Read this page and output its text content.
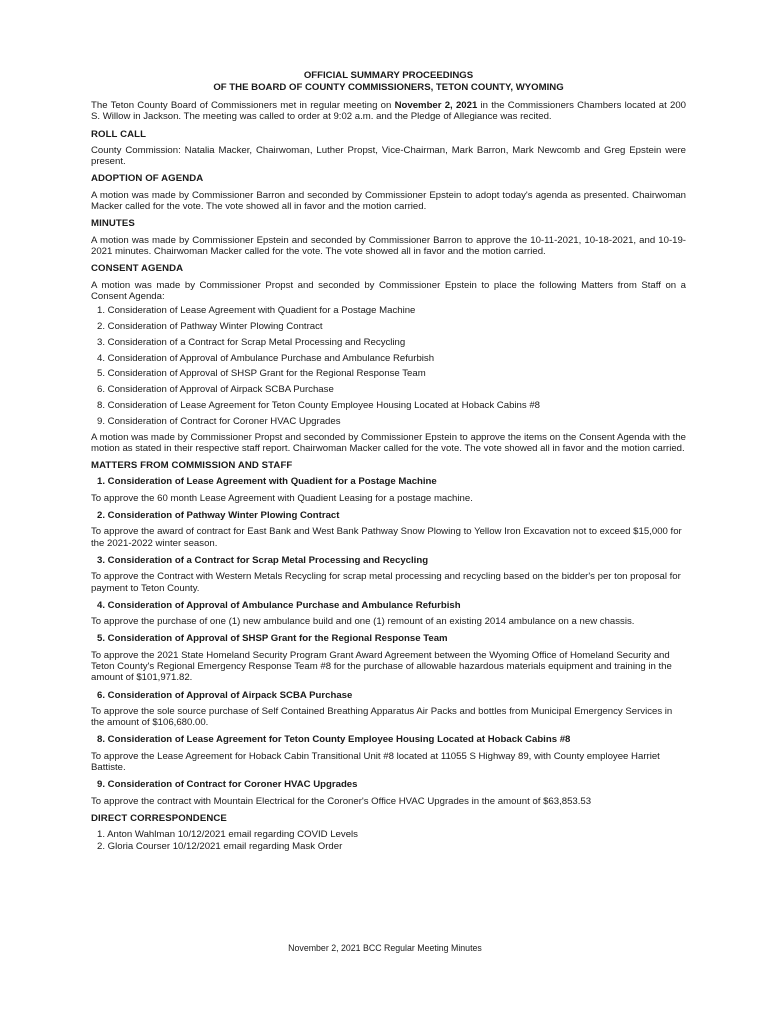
OFFICIAL SUMMARY PROCEEDINGS
OF THE BOARD OF COUNTY COMMISSIONERS, TETON COUNTY, WYOMING

The Teton County Board of Commissioners met in regular meeting on November 2, 2021 in the Commissioners Chambers located at 200 S. Willow in Jackson. The meeting was called to order at 9:02 a.m. and the Pledge of Allegiance was recited.

ROLL CALL

County Commission: Natalia Macker, Chairwoman, Luther Propst, Vice-Chairman, Mark Barron, Mark Newcomb and Greg Epstein were present.

ADOPTION OF AGENDA

A motion was made by Commissioner Barron and seconded by Commissioner Epstein to adopt today's agenda as presented. Chairwoman Macker called for the vote. The vote showed all in favor and the motion carried.

MINUTES

A motion was made by Commissioner Epstein and seconded by Commissioner Barron to approve the 10-11-2021, 10-18-2021, and 10-19-2021 minutes. Chairwoman Macker called for the vote. The vote showed all in favor and the motion carried.

CONSENT AGENDA

A motion was made by Commissioner Propst and seconded by Commissioner Epstein to place the following Matters from Staff on a Consent Agenda:

1. Consideration of Lease Agreement with Quadient for a Postage Machine
2. Consideration of Pathway Winter Plowing Contract
3. Consideration of a Contract for Scrap Metal Processing and Recycling
4. Consideration of Approval of Ambulance Purchase and Ambulance Refurbish
5. Consideration of Approval of SHSP Grant for the Regional Response Team
6. Consideration of Approval of Airpack SCBA Purchase
8. Consideration of Lease Agreement for Teton County Employee Housing Located at Hoback Cabins #8
9. Consideration of Contract for Coroner HVAC Upgrades

A motion was made by Commissioner Propst and seconded by Commissioner Epstein to approve the items on the Consent Agenda with the motion as stated in their respective staff report. Chairwoman Macker called for the vote. The vote showed all in favor and the motion carried.

MATTERS FROM COMMISSION AND STAFF
1. Consideration of Lease Agreement with Quadient for a Postage Machine

To approve the 60 month Lease Agreement with Quadient Leasing for a postage machine.

2. Consideration of Pathway Winter Plowing Contract

To approve the award of contract for East Bank and West Bank Pathway Snow Plowing to Yellow Iron Excavation not to exceed $15,000 for the 2021-2022 winter season.

3. Consideration of a Contract for Scrap Metal Processing and Recycling

To approve the Contract with Western Metals Recycling for scrap metal processing and recycling based on the bidder's per ton proposal for payment to Teton County.

4. Consideration of Approval of Ambulance Purchase and Ambulance Refurbish

To approve the purchase of one (1) new ambulance build and one (1) remount of an existing 2014 ambulance on a new chassis.

5. Consideration of Approval of SHSP Grant for the Regional Response Team

To approve the 2021 State Homeland Security Program Grant Award Agreement between the Wyoming Office of Homeland Security and Teton County's Regional Emergency Response Team #8 for the purchase of allowable hazardous materials equipment and training in the amount of $101,971.82.

6. Consideration of Approval of Airpack SCBA Purchase

To approve the sole source purchase of Self Contained Breathing Apparatus Air Packs and bottles from Municipal Emergency Services in the amount of $106,680.00.

8. Consideration of Lease Agreement for Teton County Employee Housing Located at Hoback Cabins #8

To approve the Lease Agreement for Hoback Cabin Transitional Unit #8 located at 11055 S Highway 89, with County employee Harriet Battiste.

9. Consideration of Contract for Coroner HVAC Upgrades

To approve the contract with Mountain Electrical for the Coroner's Office HVAC Upgrades in the amount of $63,853.53

DIRECT CORRESPONDENCE
1. Anton Wahlman 10/12/2021 email regarding COVID Levels
2. Gloria Courser 10/12/2021 email regarding Mask Order
November 2, 2021 BCC Regular Meeting Minutes
